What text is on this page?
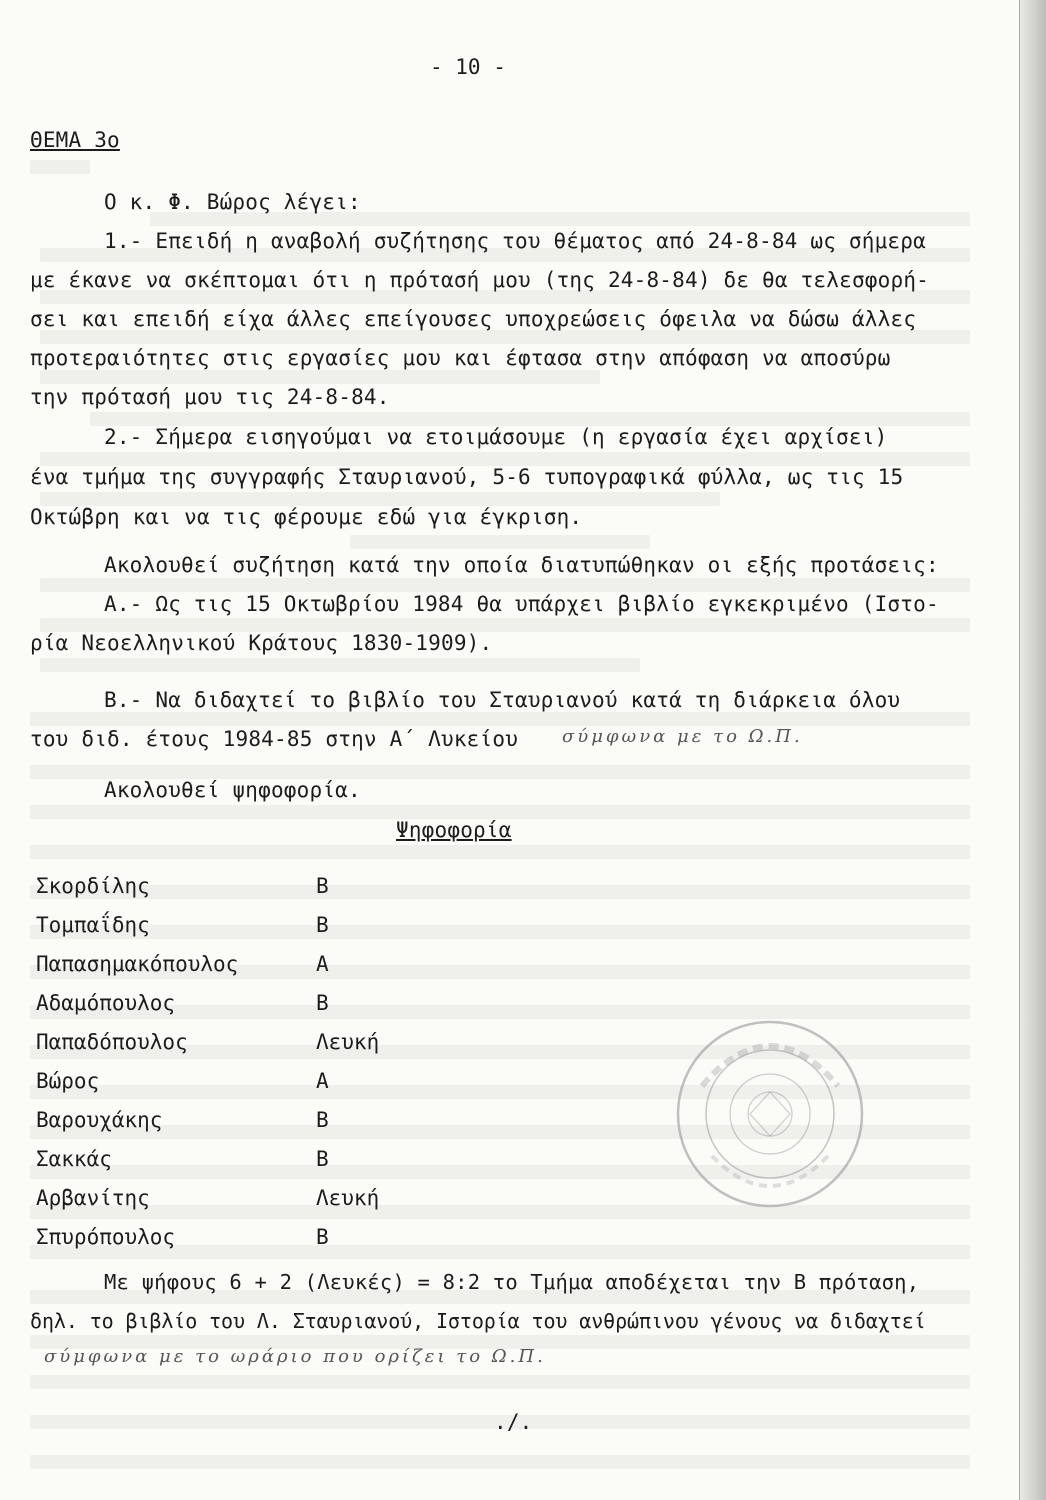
- 10 -
ΘΕΜΑ 3ο
Ο κ. Φ. Βώρος λέγει:
1.- Επειδή η αναβολή συζήτησης του θέματος από 24-8-84 ως σήμερα
με έκανε να σκέπτομαι ότι η πρότασή μου (της 24-8-84) δε θα τελεσφορή-
σει και επειδή είχα άλλες επείγουσες υποχρεώσεις όφειλα να δώσω άλλες
προτεραιότητες στις εργασίες μου και έφτασα στην απόφαση να αποσύρω
την πρότασή μου τις 24-8-84.
2.- Σήμερα εισηγούμαι να ετοιμάσουμε (η εργασία έχει αρχίσει)
ένα τμήμα της συγγραφής Σταυριανού, 5-6 τυπογραφικά φύλλα, ως τις 15
Οκτώβρη και να τις φέρουμε εδώ για έγκριση.
Ακολουθεί συζήτηση κατά την οποία διατυπώθηκαν οι εξής προτάσεις:
Α.- Ως τις 15 Οκτωβρίου 1984 θα υπάρχει βιβλίο εγκεκριμένο (Ιστο-
ρία Νεοελληνικού Κράτους 1830-1909).
Β.- Να διδαχτεί το βιβλίο του Σταυριανού κατά τη διάρκεια όλου
του διδ. έτους 1984-85 στην Α΄ Λυκείου σύμφωνα με το Ω.Π.
Ακολουθεί ψηφοφορία.
Ψηφοφορία
Σκορδίλης	Β
Τομπαΐδης	Β
Παπασημακόπουλος	Α
Αδαμόπουλος	Β
Παπαδόπουλος	Λευκή
Βώρος	Α
Βαρουχάκης	Β
Σακκάς	Β
Αρβανίτης	Λευκή
Σπυρόπουλος	Β
Με ψήφους 6 + 2 (Λευκές) = 8:2 το Τμήμα αποδέχεται την Β πρόταση,
δηλ. το βιβλίο του Λ. Σταυριανού, Ιστορία του ανθρώπινου γένους να διδαχτεί
σύμφωνα με το ωράριο που ορίζει το Ω.Π.
./.
